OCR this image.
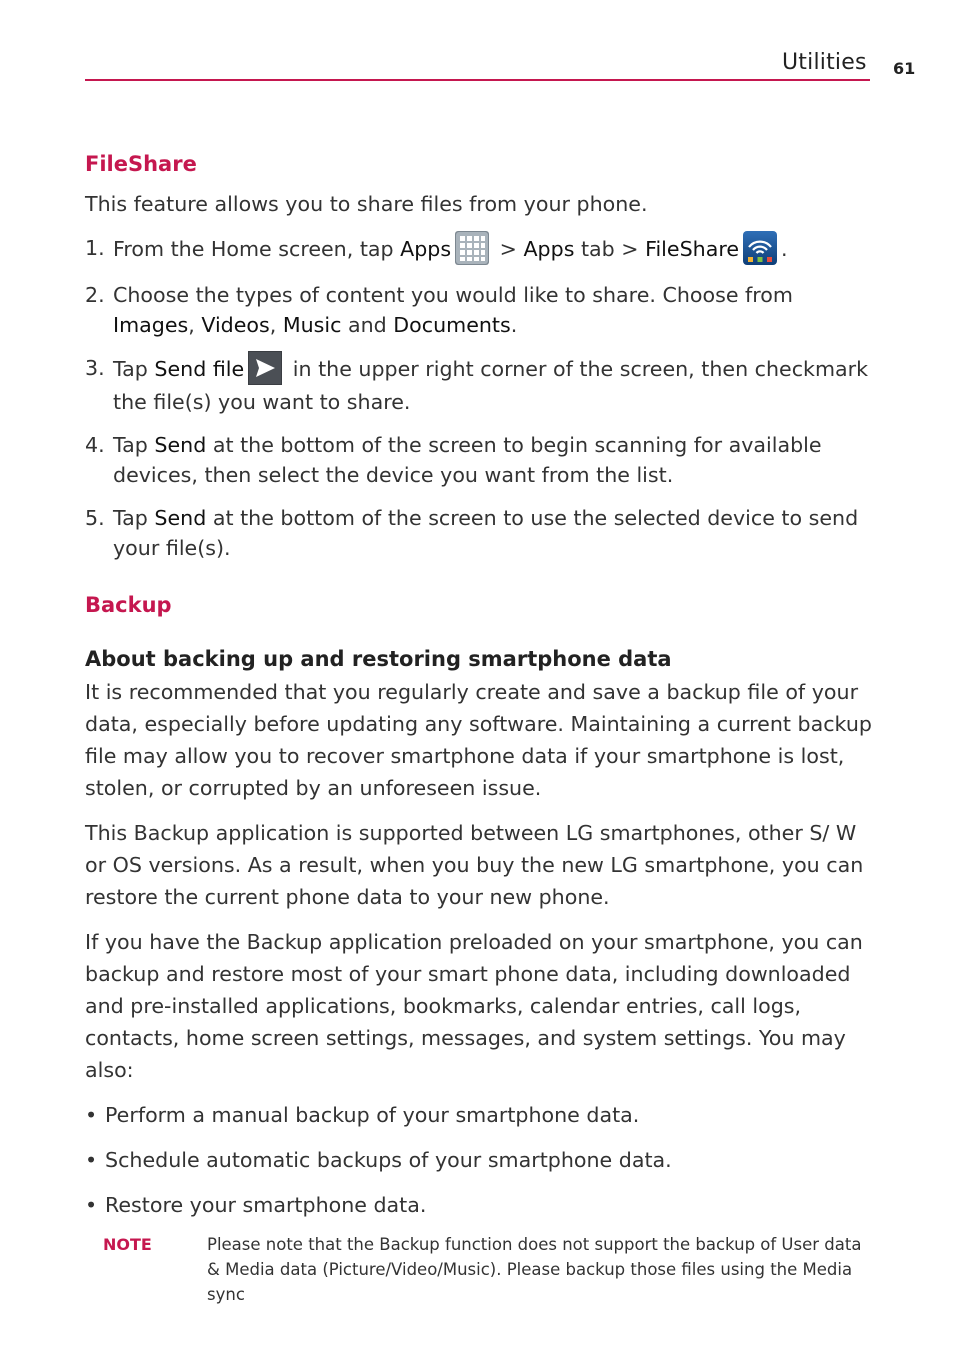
Utilities 61
FileShare

This feature allows you to share files from your phone.

1. From the Home screen, tap Apps
> Apps tab > FileShare .
2. Choose the types of content you would like to share. Choose from Images, Videos, Music and Documents.
3. Tap Send file
in the upper right corner of the screen, then checkmark the file(s) you want to share.
4. Tap Send at the bottom of the screen to begin scanning for available devices, then select the device you want from the list.
5. Tap Send at the bottom of the screen to use the selected device to send your file(s).
Backup
About backing up and restoring smartphone data

It is recommended that you regularly create and save a backup file of your data, especially before updating any software. Maintaining a current backup file may allow you to recover smartphone data if your smartphone is lost, stolen, or corrupted by an unforeseen issue.

This Backup application is supported between LG smartphones, other S/ W or OS versions. As a result, when you buy the new LG smartphone, you can restore the current phone data to your new phone.

If you have the Backup application preloaded on your smartphone, you can backup and restore most of your smart phone data, including downloaded and pre-installed applications, bookmarks, calendar entries, call logs, contacts, home screen settings, messages, and system settings. You may also:

• Perform a manual backup of your smartphone data.
• Schedule automatic backups of your smartphone data.
• Restore your smartphone data.
NOTE	Please note that the Backup function does not support the backup of User data & Media data (Picture/Video/Music). Please backup those files using the Media sync
